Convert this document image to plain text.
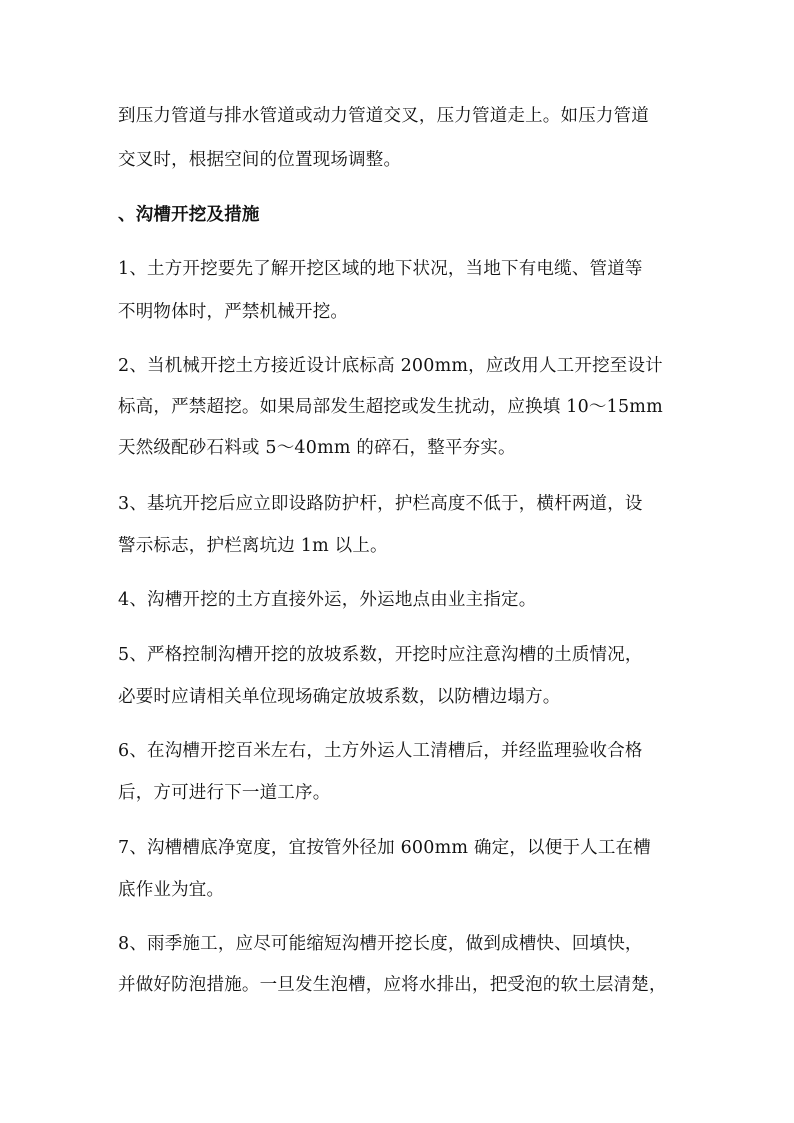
到压力管道与排水管道或动力管道交叉，压力管道走上。如压力管道
交叉时，根据空间的位置现场调整。
、沟槽开挖及措施
1、土方开挖要先了解开挖区域的地下状况，当地下有电缆、管道等
不明物体时，严禁机械开挖。
2、当机械开挖土方接近设计底标高 200mm，应改用人工开挖至设计
标高，严禁超挖。如果局部发生超挖或发生扰动，应换填 10～15mm
天然级配砂石料或 5～40mm 的碎石，整平夯实。
3、基坑开挖后应立即设路防护杆，护栏高度不低于，横杆两道，设
警示标志，护栏离坑边 1m 以上。
4、沟槽开挖的土方直接外运，外运地点由业主指定。
5、严格控制沟槽开挖的放坡系数，开挖时应注意沟槽的土质情况，
必要时应请相关单位现场确定放坡系数，以防槽边塌方。
6、在沟槽开挖百米左右，土方外运人工清槽后，并经监理验收合格
后，方可进行下一道工序。
7、沟槽槽底净宽度，宜按管外径加 600mm 确定，以便于人工在槽
底作业为宜。
8、雨季施工，应尽可能缩短沟槽开挖长度，做到成槽快、回填快，
并做好防泡措施。一旦发生泡槽，应将水排出，把受泡的软土层清楚，
